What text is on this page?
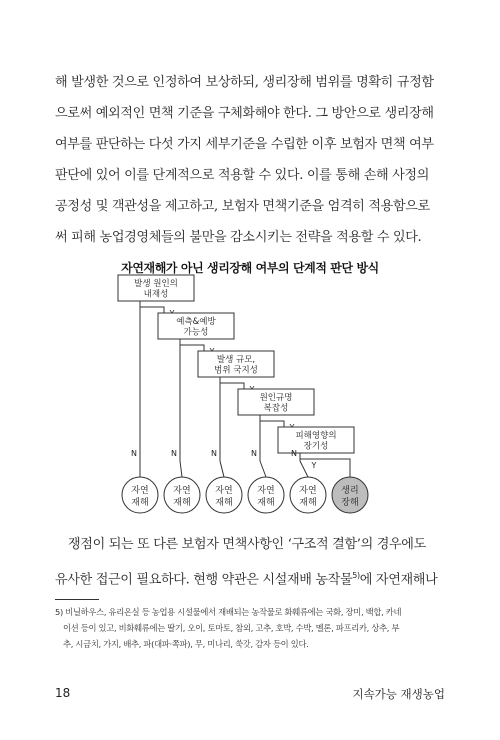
해 발생한 것으로 인정하여 보상하되, 생리장해 범위를 명확히 규정함
으로써 예외적인 면책 기준을 구체화해야 한다. 그 방안으로 생리장해
여부를 판단하는 다섯 가지 세부기준을 수립한 이후 보험자 면책 여부
판단에 있어 이를 단계적으로 적용할 수 있다. 이를 통해 손해 사정의
공정성 및 객관성을 제고하고, 보험자 면책기준을 엄격히 적용함으로
써 피해 농업경영체들의 불만을 감소시키는 전략을 적용할 수 있다.
자연재해가 아닌 생리장해 여부의 단계적 판단 방식
발생 원인의
내재성
N
예측&예방
가능성
N
발생 규모,
범위 국지성
N
원인규명
복잡성
N
피해영향의
장기성
N
Y
자연
재해
자연
재해
자연
재해
자연
재해
자연
재해
생리
장해
쟁점이 되는 또 다른 보험자 면책사항인 ‘구조적 결함’의 경우에도
유사한 접근이 필요하다. 현행 약관은 시설재배 농작물$^{5)}$에 자연재해나
5) 비닐하우스, 유리온실 등 농업용 시설물에서 재배되는 농작물로 화훼류에는 국화, 장미, 백합, 카네
이션 등이 있고, 비화훼류에는 딸기, 오이, 토마토, 참외, 고추, 호박, 수박, 멜론, 파프리카, 상추, 부
추, 시금치, 가지, 배추, 파(대파·쪽파), 무, 미나리, 쑥갓, 감자 등이 있다.
18	지속가능 재생농업
